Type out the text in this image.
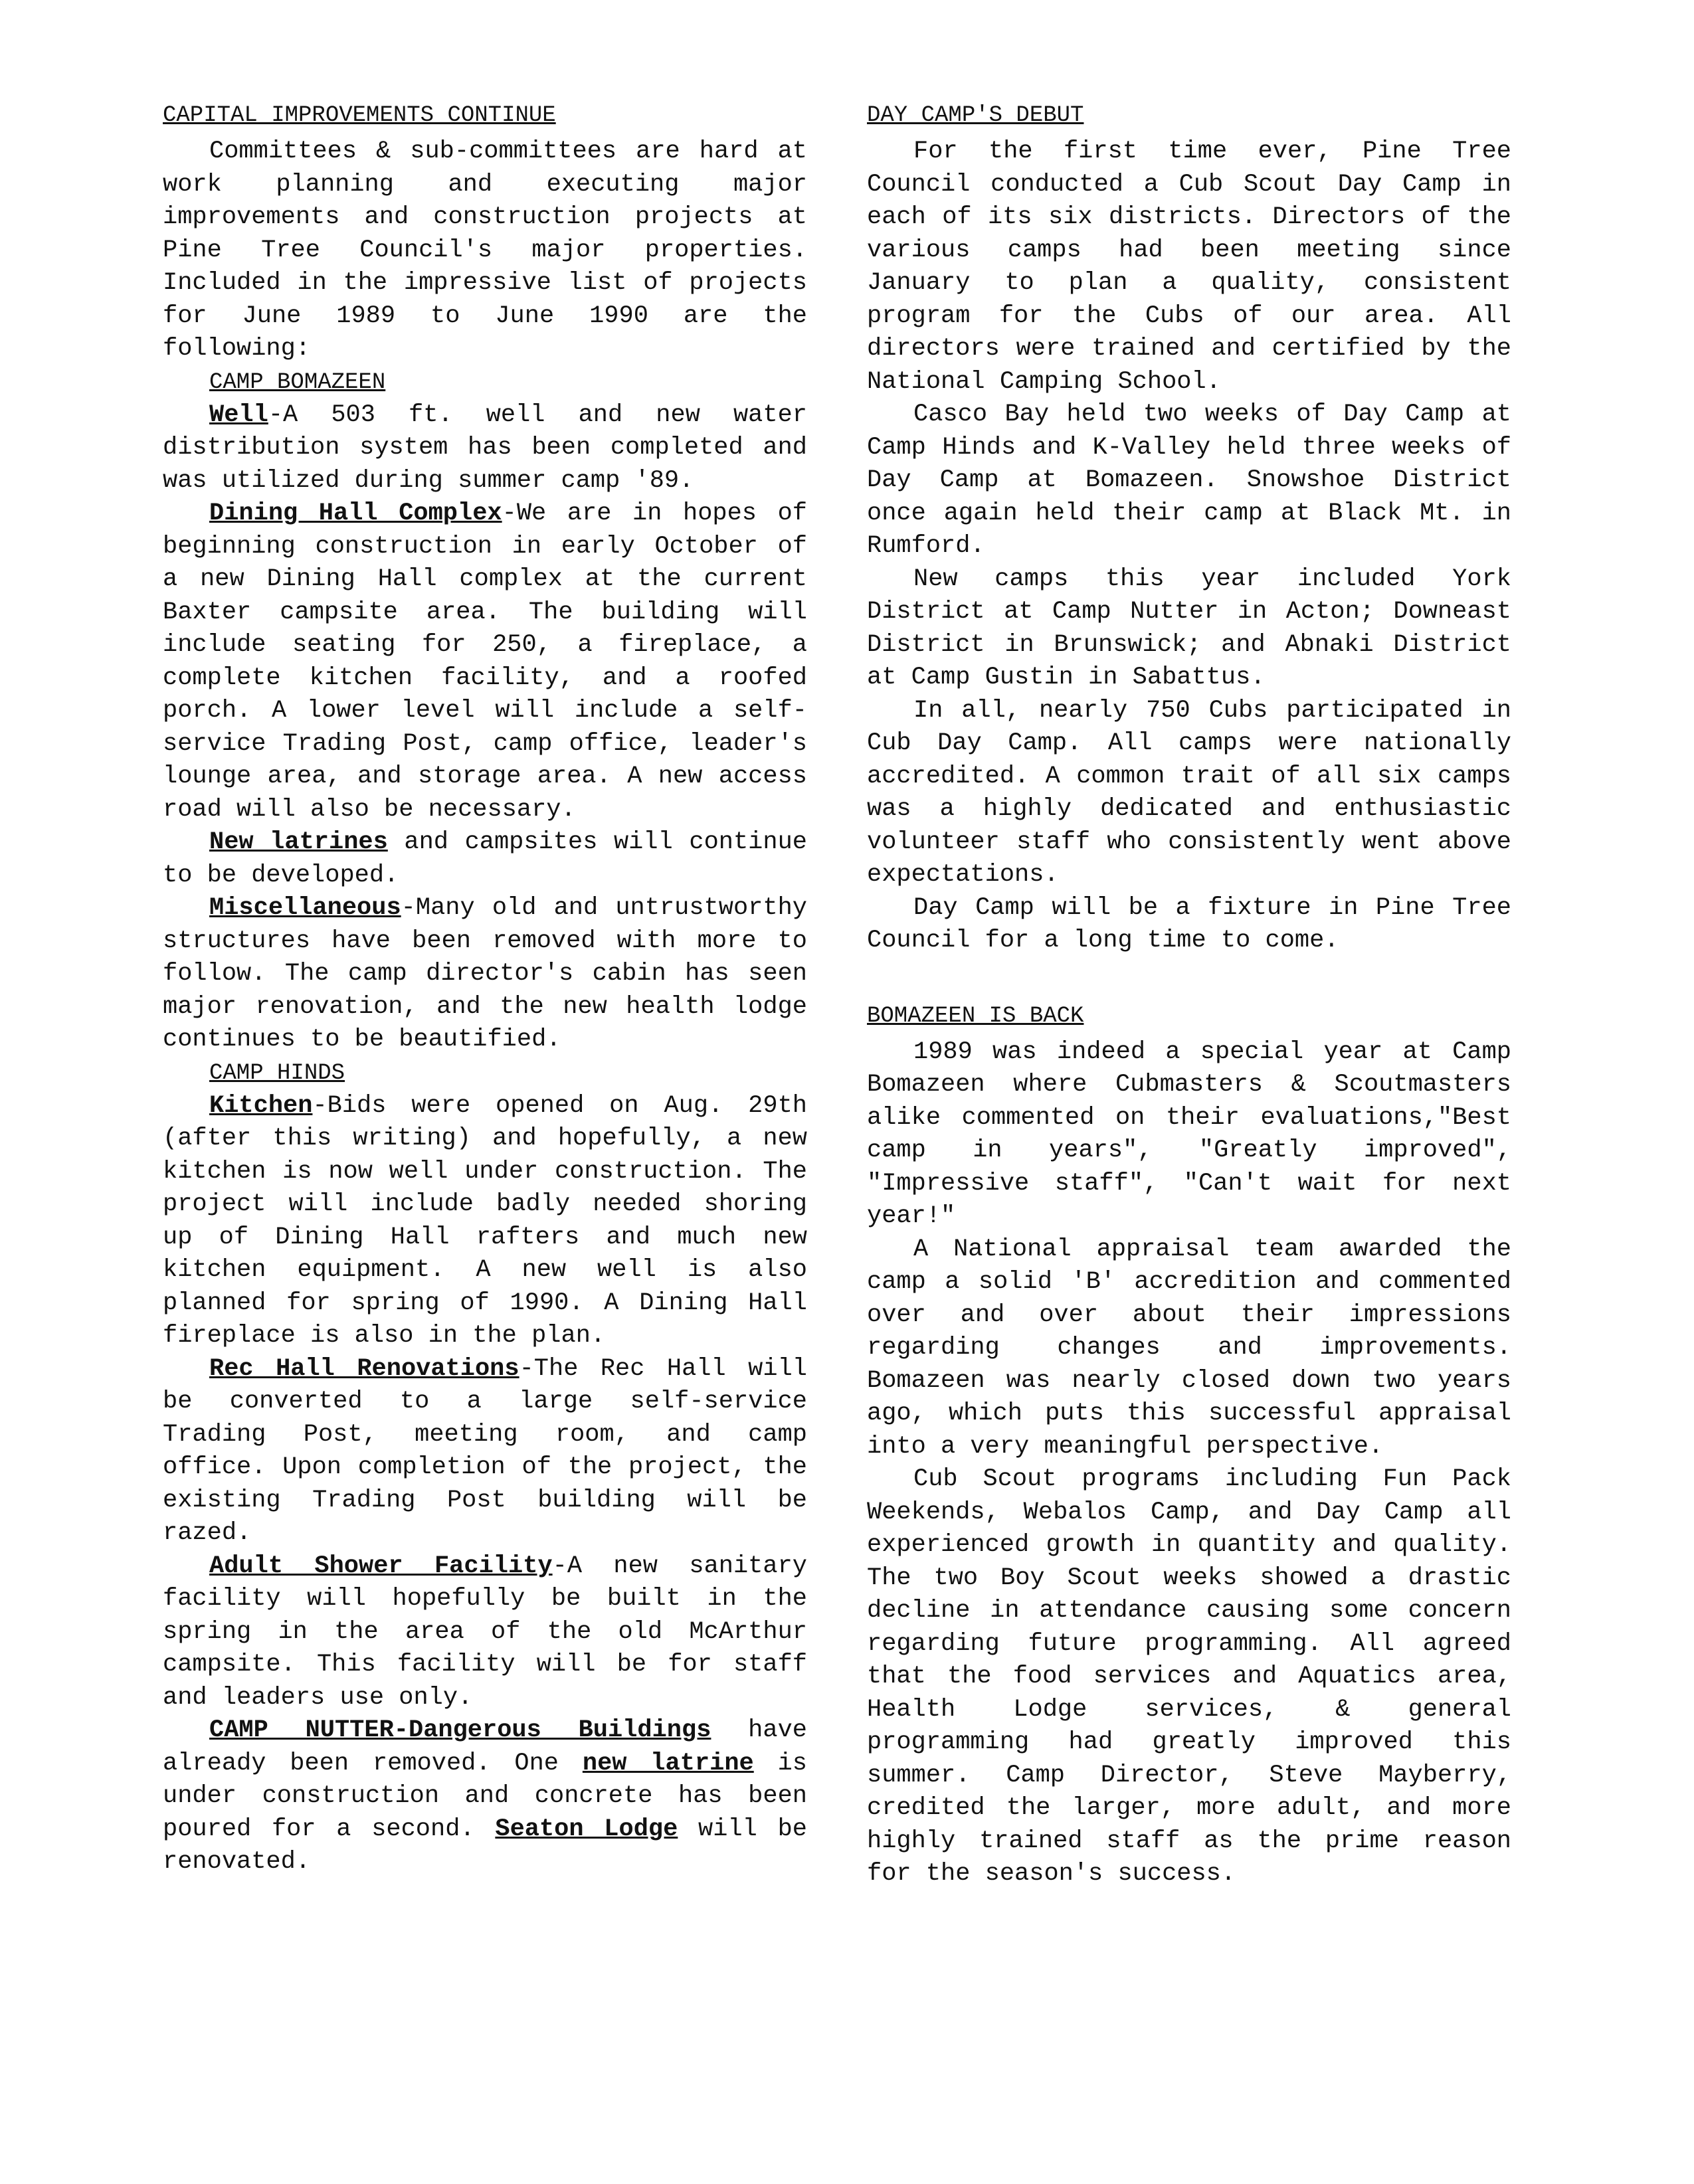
CAPITAL IMPROVEMENTS CONTINUE

Committees & sub-committees are hard at work planning and executing major improvements and construction projects at Pine Tree Council's major properties. Included in the impressive list of projects for June 1989 to June 1990 are the following:

CAMP BOMAZEEN

Well-A 503 ft. well and new water distribution system has been completed and was utilized during summer camp '89.

Dining Hall Complex-We are in hopes of beginning construction in early October of a new Dining Hall complex at the current Baxter campsite area. The building will include seating for 250, a fireplace, a complete kitchen facility, and a roofed porch. A lower level will include a self-service Trading Post, camp office, leader's lounge area, and storage area. A new access road will also be necessary.

New latrines and campsites will continue to be developed.

Miscellaneous-Many old and untrustworthy structures have been removed with more to follow. The camp director's cabin has seen major renovation, and the new health lodge continues to be beautified.

CAMP HINDS

Kitchen-Bids were opened on Aug. 29th (after this writing) and hopefully, a new kitchen is now well under construction. The project will include badly needed shoring up of Dining Hall rafters and much new kitchen equipment. A new well is also planned for spring of 1990. A Dining Hall fireplace is also in the plan.

Rec Hall Renovations-The Rec Hall will be converted to a large self-service Trading Post, meeting room, and camp office. Upon completion of the project, the existing Trading Post building will be razed.

Adult Shower Facility-A new sanitary facility will hopefully be built in the spring in the area of the old McArthur campsite. This facility will be for staff and leaders use only.

CAMP NUTTER-Dangerous Buildings have already been removed. One new latrine is under construction and concrete has been poured for a second. Seaton Lodge will be renovated.

DAY CAMP'S DEBUT

For the first time ever, Pine Tree Council conducted a Cub Scout Day Camp in each of its six districts. Directors of the various camps had been meeting since January to plan a quality, consistent program for the Cubs of our area. All directors were trained and certified by the National Camping School.

Casco Bay held two weeks of Day Camp at Camp Hinds and K-Valley held three weeks of Day Camp at Bomazeen. Snowshoe District once again held their camp at Black Mt. in Rumford.

New camps this year included York District at Camp Nutter in Acton; Downeast District in Brunswick; and Abnaki District at Camp Gustin in Sabattus.

In all, nearly 750 Cubs participated in Cub Day Camp. All camps were nationally accredited. A common trait of all six camps was a highly dedicated and enthusiastic volunteer staff who consistently went above expectations.

Day Camp will be a fixture in Pine Tree Council for a long time to come.

BOMAZEEN IS BACK

1989 was indeed a special year at Camp Bomazeen where Cubmasters & Scoutmasters alike commented on their evaluations,"Best camp in years", "Greatly improved", "Impressive staff", "Can't wait for next year!"

A National appraisal team awarded the camp a solid 'B' accredition and commented over and over about their impressions regarding changes and improvements. Bomazeen was nearly closed down two years ago, which puts this successful appraisal into a very meaningful perspective.

Cub Scout programs including Fun Pack Weekends, Webalos Camp, and Day Camp all experienced growth in quantity and quality. The two Boy Scout weeks showed a drastic decline in attendance causing some concern regarding future programming. All agreed that the food services and Aquatics area, Health Lodge services, & general programming had greatly improved this summer. Camp Director, Steve Mayberry, credited the larger, more adult, and more highly trained staff as the prime reason for the season's success.
